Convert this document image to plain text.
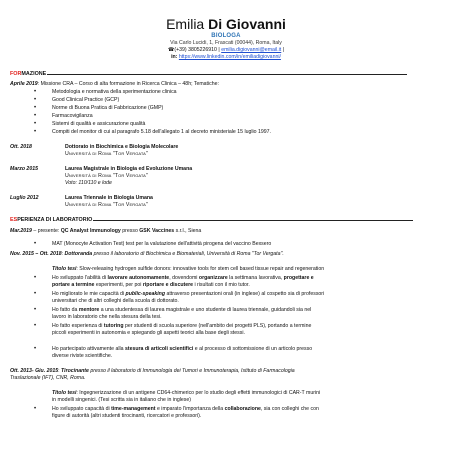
Emilia Di Giovanni
BIOLOGA
Via Carlo Lucidi, 1, Frascati (00044), Roma, Italy
☎(+39) 3805226910 | emilia.digiovanni@email.it |
in: https://www.linkedin.com/in/emiliadigiovanni/
FORMAZIONE
Aprile 2019: Missione CRA – Corso di alta formazione in Ricerca Clinica – 48h; Tematiche:
•	Metodologia e normativa della sperimentazione clinica
•	Good Clinical Practice (GCP)
•	Norme di Buona Pratica di Fabbricazione (GMP)
•	Farmacovigilanza
•	Sistemi di qualità e assicurazione qualità
•	Compiti del monitor di cui al paragrafo 5.18 dell'allegato 1 al decreto ministeriale 15 luglio 1997.
Ott. 2018	Dottorato in Biochimica e Biologia Molecolare
Università di Roma "Tor Vergata"
Marzo 2015	Laurea Magistrale in Biologia ed Evoluzione Umana
Università di Roma "Tor Vergata"
Voto: 110/110 e lode
Luglio 2012	Laurea Triennale in Biologia Umana
Università di Roma "Tor Vergata"
ESPERIENZA DI LABORATORIO
Mar.2019 – presente: QC Analyst Immunology presso GSK Vaccines s.r.l., Siena
•	MAT (Monocyte Activation Test) test per la valutazione dell'attività pirogena del vaccino Bexsero
Nov. 2015 – Ott. 2018: Dottoranda presso il laboratorio di Biochimica e Biomateriali, Università di Roma "Tor Vergata".
Titolo tesi: Slow-releasing hydrogen sulfide donors: innovative tools for stem cell based tissue repair and regeneration
•	Ho sviluppato l'abilità di lavorare autonomamente, dovendomi organizzare la settimana lavorativa, progettare e
portare a termine esperimenti, per poi riportare e discutere i risultati con il mio tutor.
•	Ho migliorato le mie capacità di public-speaking attraverso presentazioni orali (in inglese) al cospetto sia di professori
universitari che di altri colleghi della scuola di dottorato.
•	Ho fatto da mentore a una studentessa di laurea magistrale e uno studente di laurea triennale, guidandoli sia nel
lavoro in laboratorio che nella stesura della tesi.
•	Ho fatto esperienza di tutoring per studenti di scuola superiore (nell'ambito dei progetti PLS), portando a termine
piccoli esperimenti in autonomia e spiegando gli aspetti teorici alla base degli stessi.
•	Ho partecipato attivamente alla stesura di articoli scientifici e al processo di sottomissione di un articolo presso
diverse riviste scientifiche.
Ott. 2013- Giu. 2015: Tirocinante presso il laboratorio di Immunologia dei Tumori e Immunoterapia, Istituto di Farmacologia
Traslazionale (IFT), CNR, Roma.
Titolo tesi: Ingegnerizzazione di un antigene CD64-chimerico per lo studio degli effetti immunologici di CAR-T murini
in modelli singenici. (Tesi scritta sia in italiano che in inglese)
•	Ho sviluppato capacità di time-management e imparato l'importanza della collaborazione, sia con colleghi che con
figure di autorità (altri studenti tirocinanti, ricercatori e professori).
